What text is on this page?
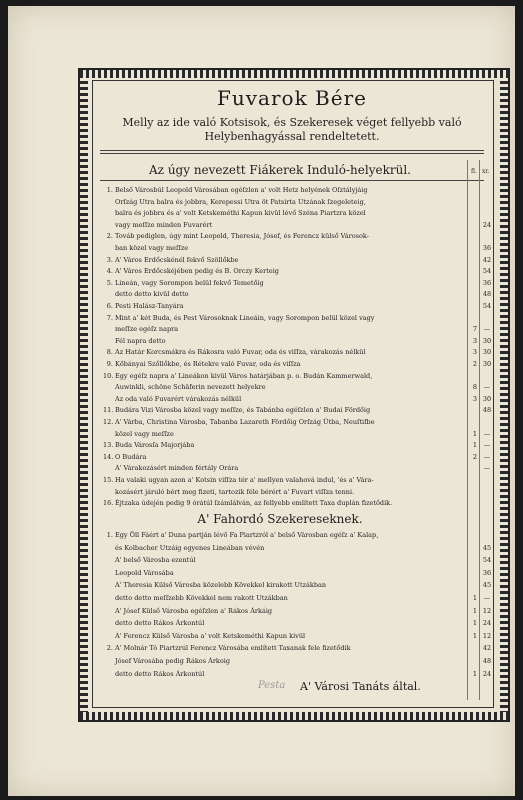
Fuvarok Bére
Melly az ide való Kotsisok, és Szekeresek véget fellyebb való
Helybenhagyással rendeltetett.
Az úgy nevezett Fiákerek Induló-helyekrül.	fl. xr.
1. Belső Városbúl Leopold Városában egéſzlen a' volt Hetz helyének Oſztályjáig
Orſzág Utra balra és jobbra, Kerepessi Utra öt Patsirta Utzának ſzegeleteig,
balra és jobbra és a' volt Ketskeméthi Kapun kivül lévő Széna Piartzra közel
vagy meſſze minden Fuvarért	24
2. Továb pediglen, úgy mint Leopold, Theresia, Jósef, és Ferencz külső Városok-
ban közel vagy meſſze	36
3. A' Város Erdőcskénél fekvő Szöllőkbe	42
4. A' Város Erdőcskéjében pedig és B. Orczy Kerteig	54
5. Lineán, vagy Sorompon belül fekvő Temetőig	36
detto detto kivül detto	48
6. Pesti Halász-Tanyára	54
7. Mint a' két Buda, és Pest Városoknak Lineáin, vagy Sorompon belül közel vagy
meſſze egéſz napra	7	—
Fél napra detto	3 30
8. Az Határ Korcsmákra és Rákosra való Fuvar, oda és viſſza, várakozás nélkül	3 30
9. Kőbányai Szőllőkbe, és Rétekre való Fuvar, oda és viſſza	2 30
10. Egy egéſz napra a' Lineákon kivül Város határjában p. o. Budán Kammerwald,
Auwinkli, schöne Schäferin nevezett helyekre	8	—
Az oda való Fuvarért várakozás nélkül	3 30
11. Budára Vizi Városba közel vagy meſſze, és Tabánba egéſzlen a' Budai Fördőig	48
12. A' Várba, Christina Városba, Tabanba Lazareth Fördőig Orſzág Útba, Neuſtifbe
közel vagy meſſze	1	—
13. Buda Városſa Majorjába	1	—
14. O Budára	2	—
A' Várakozásért minden fértály Orára	—
15. Ha valaki ugyan azon a' Kotsin viſſza tér a' mellyen valahová indul, 'és a' Vára-
kozásért járuló bért meg fizeti, tartozik féle bérért a' Fuvart viſſza tenni.
16. Éjtzaka údején pedig 9 órátúl ſzámlálván, az fellyebb említett Taxa duplán fizetődik.
A' Fahordó Szekereseknek.
1. Egy Öll Fáért a' Duna partján lévő Fa Piartzról a' belső Városban egéſz a' Kalap,
és Kolbacher Utzáig egyenes Lineában vévén	45
A' belső Városba ezentúl	54
Leopold Városába	36
A' Theresia Külső Városba közelebb Kövekkel kirakott Utzákban	45
detto detto meſſzebb Kövekkel nem rakott Utzákban	1	—
A' Jósef Külső Városba egéſzlen a' Rákos Árkáig	1 12
detto detto Rákos Árkontúl	1 24
A' Ferencz Külső Városba a' volt Ketskeméthi Kapun kivül	1 12
2. A' Molnár Tó Piartzrúl Ferencz Városába említett Taxanak fele fizetődik	42
Jósef Városába pedig Rákos Árkoig	48
detto detto Rákos Árkontúl	1 24
Pesta A' Városi Tanáts által.
